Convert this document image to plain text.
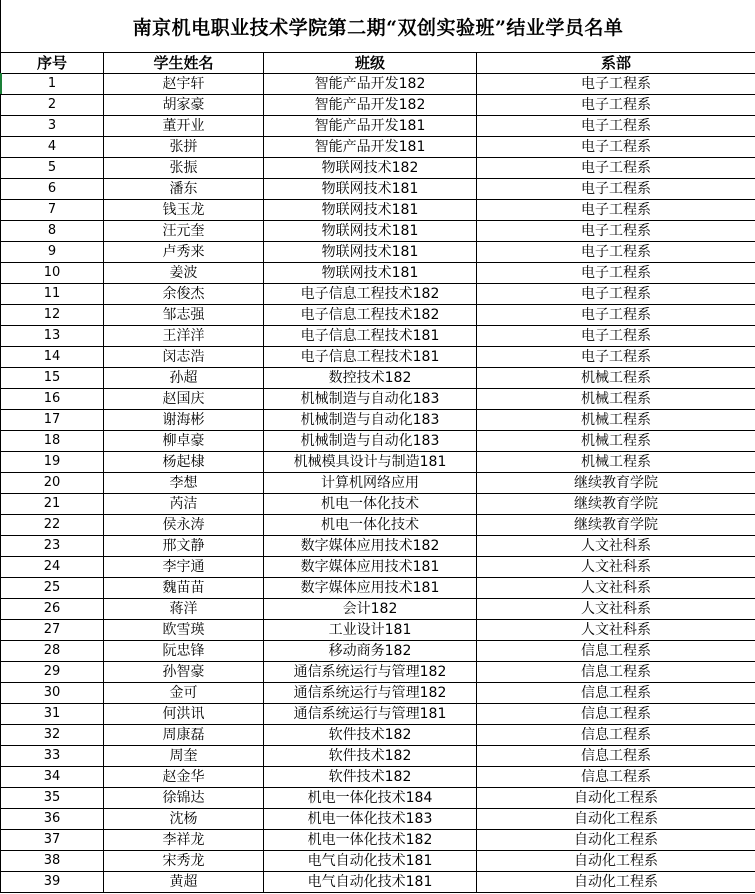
南京机电职业技术学院第二期“双创实验班”结业学员名单
序号	学生姓名	班级	系部
1	赵宇轩	智能产品开发182	电子工程系
2	胡家豪	智能产品开发182	电子工程系
3	董开业	智能产品开发181	电子工程系
4	张拼	智能产品开发181	电子工程系
5	张振	物联网技术182	电子工程系
6	潘东	物联网技术181	电子工程系
7	钱玉龙	物联网技术181	电子工程系
8	汪元奎	物联网技术181	电子工程系
9	卢秀来	物联网技术181	电子工程系
10	姜波	物联网技术181	电子工程系
11	余俊杰	电子信息工程技术182	电子工程系
12	邹志强	电子信息工程技术182	电子工程系
13	王洋洋	电子信息工程技术181	电子工程系
14	闵志浩	电子信息工程技术181	电子工程系
15	孙超	数控技术182	机械工程系
16	赵国庆	机械制造与自动化183	机械工程系
17	谢海彬	机械制造与自动化183	机械工程系
18	柳卓豪	机械制造与自动化183	机械工程系
19	杨起棣	机械模具设计与制造181	机械工程系
20	李想	计算机网络应用	继续教育学院
21	芮洁	机电一体化技术	继续教育学院
22	侯永涛	机电一体化技术	继续教育学院
23	邢文静	数字媒体应用技术182	人文社科系
24	李宇通	数字媒体应用技术181	人文社科系
25	魏苗苗	数字媒体应用技术181	人文社科系
26	蒋洋	会计182	人文社科系
27	欧雪瑛	工业设计181	人文社科系
28	阮忠锋	移动商务182	信息工程系
29	孙智豪	通信系统运行与管理182	信息工程系
30	金可	通信系统运行与管理182	信息工程系
31	何洪讯	通信系统运行与管理181	信息工程系
32	周康磊	软件技术182	信息工程系
33	周奎	软件技术182	信息工程系
34	赵金华	软件技术182	信息工程系
35	徐锦达	机电一体化技术184	自动化工程系
36	沈杨	机电一体化技术183	自动化工程系
37	李祥龙	机电一体化技术182	自动化工程系
38	宋秀龙	电气自动化技术181	自动化工程系
39	黄超	电气自动化技术181	自动化工程系
